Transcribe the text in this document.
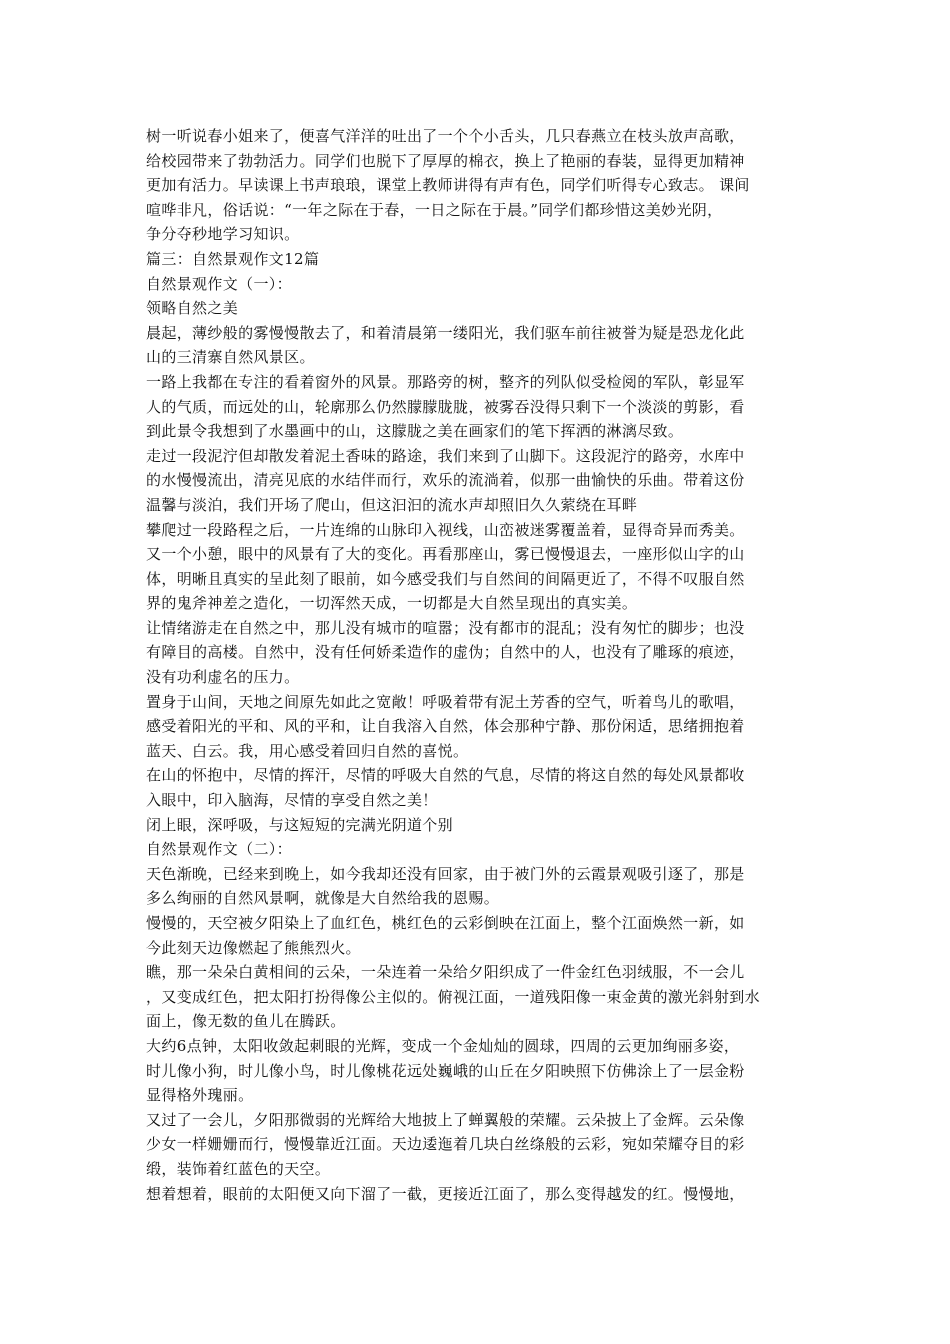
树一听说春小姐来了，便喜气洋洋的吐出了一个个小舌头，几只春燕立在枝头放声高歌，
给校园带来了勃勃活力。同学们也脱下了厚厚的棉衣，换上了艳丽的春装，显得更加精神
更加有活力。早读课上书声琅琅，课堂上教师讲得有声有色，同学们听得专心致志。 课间
喧哗非凡，俗话说：“一年之际在于春，一日之际在于晨。”同学们都珍惜这美妙光阴，
争分夺秒地学习知识。
篇三：自然景观作文12篇
自然景观作文（一）：
领略自然之美
晨起，薄纱般的雾慢慢散去了，和着清晨第一缕阳光，我们驱车前往被誉为疑是恐龙化此
山的三清寨自然风景区。
一路上我都在专注的看着窗外的风景。那路旁的树，整齐的列队似受检阅的军队，彰显军
人的气质，而远处的山，轮廓那么仍然朦朦胧胧，被雾吞没得只剩下一个淡淡的剪影，看
到此景令我想到了水墨画中的山，这朦胧之美在画家们的笔下挥洒的淋漓尽致。
走过一段泥泞但却散发着泥土香味的路途，我们来到了山脚下。这段泥泞的路旁，水库中
的水慢慢流出，清亮见底的水结伴而行，欢乐的流淌着，似那一曲愉快的乐曲。带着这份
温馨与淡泊，我们开场了爬山，但这汩汩的流水声却照旧久久萦绕在耳畔
攀爬过一段路程之后，一片连绵的山脉印入视线，山峦被迷雾覆盖着，显得奇异而秀美。
又一个小憩，眼中的风景有了大的变化。再看那座山，雾已慢慢退去，一座形似山字的山
体，明晰且真实的呈此刻了眼前，如今感受我们与自然间的间隔更近了，不得不叹服自然
界的鬼斧神差之造化，一切浑然天成，一切都是大自然呈现出的真实美。
让情绪游走在自然之中，那儿没有城市的喧嚣；没有都市的混乱；没有匆忙的脚步；也没
有障目的高楼。自然中，没有任何娇柔造作的虚伪；自然中的人，也没有了雕琢的痕迹，
没有功利虚名的压力。
置身于山间，天地之间原先如此之宽敞！呼吸着带有泥土芳香的空气，听着鸟儿的歌唱，
感受着阳光的平和、风的平和，让自我溶入自然，体会那种宁静、那份闲适，思绪拥抱着
蓝天、白云。我，用心感受着回归自然的喜悦。
在山的怀抱中，尽情的挥汗，尽情的呼吸大自然的气息，尽情的将这自然的每处风景都收
入眼中，印入脑海，尽情的享受自然之美！
闭上眼，深呼吸，与这短短的完满光阴道个别
自然景观作文（二）：
天色渐晚，已经来到晚上，如今我却还没有回家，由于被门外的云霞景观吸引逐了，那是
多么绚丽的自然风景啊，就像是大自然给我的恩赐。
慢慢的，天空被夕阳染上了血红色，桃红色的云彩倒映在江面上，整个江面焕然一新，如
今此刻天边像燃起了熊熊烈火。
瞧，那一朵朵白黄相间的云朵，一朵连着一朵给夕阳织成了一件金红色羽绒服，不一会儿
，又变成红色，把太阳打扮得像公主似的。俯视江面，一道残阳像一束金黄的激光斜射到水
面上，像无数的鱼儿在腾跃。
大约6点钟，太阳收敛起刺眼的光辉，变成一个金灿灿的圆球，四周的云更加绚丽多姿，
时儿像小狗，时儿像小鸟，时儿像桃花远处巍峨的山丘在夕阳映照下仿佛涂上了一层金粉
显得格外瑰丽。
又过了一会儿，夕阳那微弱的光辉给大地披上了蝉翼般的荣耀。云朵披上了金辉。云朵像
少女一样姗姗而行，慢慢靠近江面。天边逶迤着几块白丝绦般的云彩，宛如荣耀夺目的彩
缎，装饰着红蓝色的天空。
想着想着，眼前的太阳便又向下溜了一截，更接近江面了，那么变得越发的红。慢慢地，
